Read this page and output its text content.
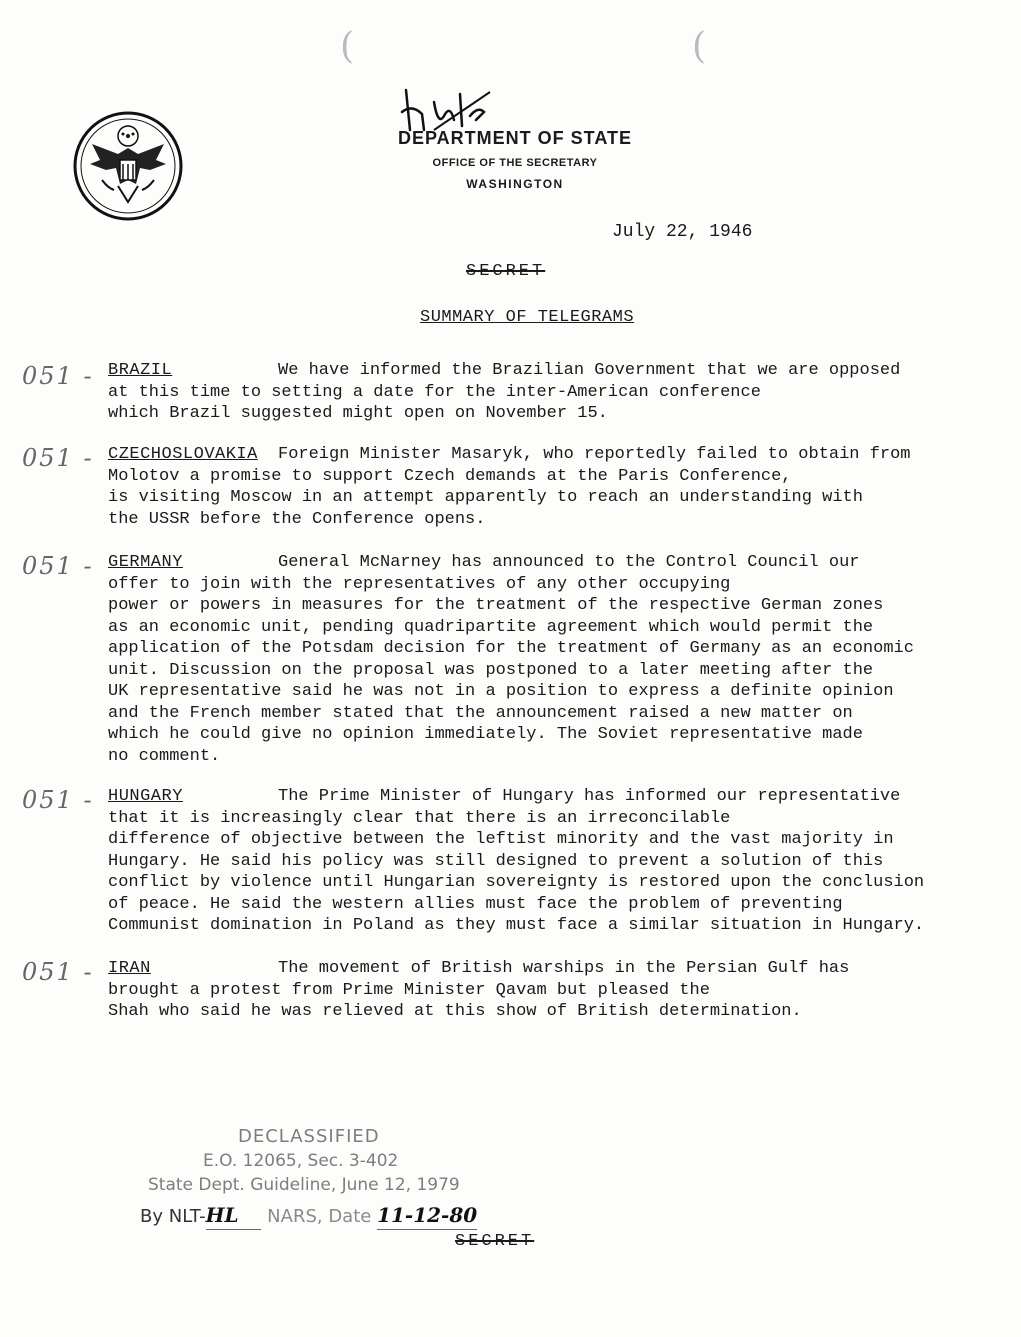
(	(
DEPARTMENT OF STATE
OFFICE OF THE SECRETARY
WASHINGTON
July 22, 1946
SECRET
SUMMARY OF TELEGRAMS
051 - BRAZIL	We have informed the Brazilian Government that we are opposed
at this time to setting a date for the inter-American conference
which Brazil suggested might open on November 15.

051 - CZECHOSLOVAKIA	Foreign Minister Masaryk, who reportedly failed to obtain from
Molotov a promise to support Czech demands at the Paris Conference,
is visiting Moscow in an attempt apparently to reach an understanding with
the USSR before the Conference opens.

051 - GERMANY	General McNarney has announced to the Control Council our
offer to join with the representatives of any other occupying
power or powers in measures for the treatment of the respective German zones
as an economic unit, pending quadripartite agreement which would permit the
application of the Potsdam decision for the treatment of Germany as an economic
unit. Discussion on the proposal was postponed to a later meeting after the
UK representative said he was not in a position to express a definite opinion
and the French member stated that the announcement raised a new matter on
which he could give no opinion immediately. The Soviet representative made
no comment.

051 - HUNGARY	The Prime Minister of Hungary has informed our representative
that it is increasingly clear that there is an irreconcilable
difference of objective between the leftist minority and the vast majority in
Hungary. He said his policy was still designed to prevent a solution of this
conflict by violence until Hungarian sovereignty is restored upon the conclusion
of peace. He said the western allies must face the problem of preventing
Communist domination in Poland as they must face a similar situation in Hungary.

051 - IRAN	The movement of British warships in the Persian Gulf has
brought a protest from Prime Minister Qavam but pleased the
Shah who said he was relieved at this show of British determination.

DECLASSIFIED
E.O. 12065, Sec. 3-402
State Dept. Guideline, June 12, 1979
By NLT-HL NARS, Date 11-12-80
SECRET
